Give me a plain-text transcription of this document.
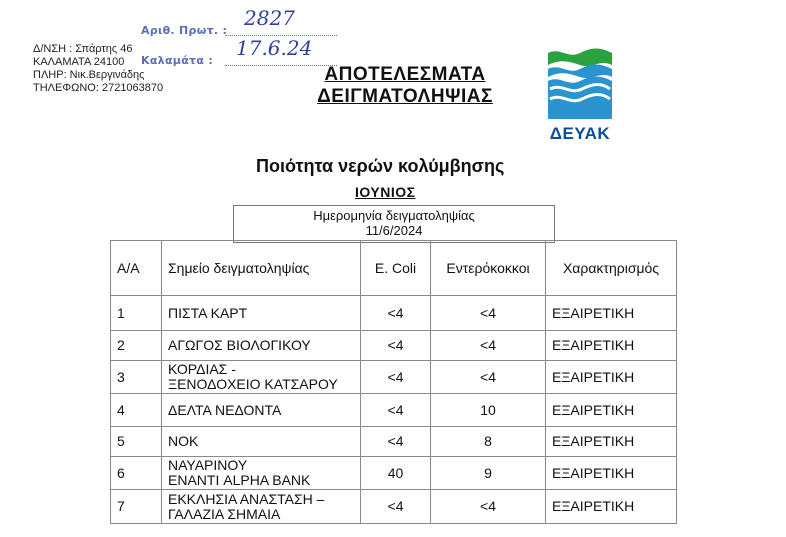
Αριθ. Πρωτ. :
2827
Καλαμάτα :
17.6.24
Δ/ΝΣΗ : Σπάρτης 46
ΚΑΛΑΜΑΤΑ 24100
ΠΛΗΡ: Νικ.Βεργινάδης
ΤΗΛΕΦΩΝΟ: 2721063870
ΑΠΟΤΕΛΕΣΜΑΤΑ
ΔΕΙΓΜΑΤΟΛΗΨΙΑΣ
ΔΕΥΑΚ
Ποιότητα νερών κολύμβησης
ΙΟΥΝΙΟΣ
Ημερομηνία δειγματοληψίας
11/6/2024
Α/Α	Σημείο δειγματοληψίας	E. Coli	Εντερόκοκκοι	Χαρακτηρισμός
1	ΠΙΣΤΑ ΚΑΡΤ	<4	<4	ΕΞΑΙΡΕΤΙΚΗ
2	ΑΓΩΓΟΣ ΒΙΟΛΟΓΙΚΟΥ	<4	<4	ΕΞΑΙΡΕΤΙΚΗ
3	ΚΟΡΔΙΑΣ -
ΞΕΝΟΔΟΧΕΙΟ ΚΑΤΣΑΡΟΥ	<4	<4	ΕΞΑΙΡΕΤΙΚΗ
4	ΔΕΛΤΑ ΝΕΔΟΝΤΑ	<4	10	ΕΞΑΙΡΕΤΙΚΗ
5	ΝΟΚ	<4	8	ΕΞΑΙΡΕΤΙΚΗ
6	ΝΑΥΑΡΙΝΟΥ
ΕΝΑΝΤΙ ALPHA BANK	40	9	ΕΞΑΙΡΕΤΙΚΗ
7	ΕΚΚΛΗΣΙΑ ΑΝΑΣΤΑΣΗ –
ΓΑΛΑΖΙΑ ΣΗΜΑΙΑ	<4	<4	ΕΞΑΙΡΕΤΙΚΗ
